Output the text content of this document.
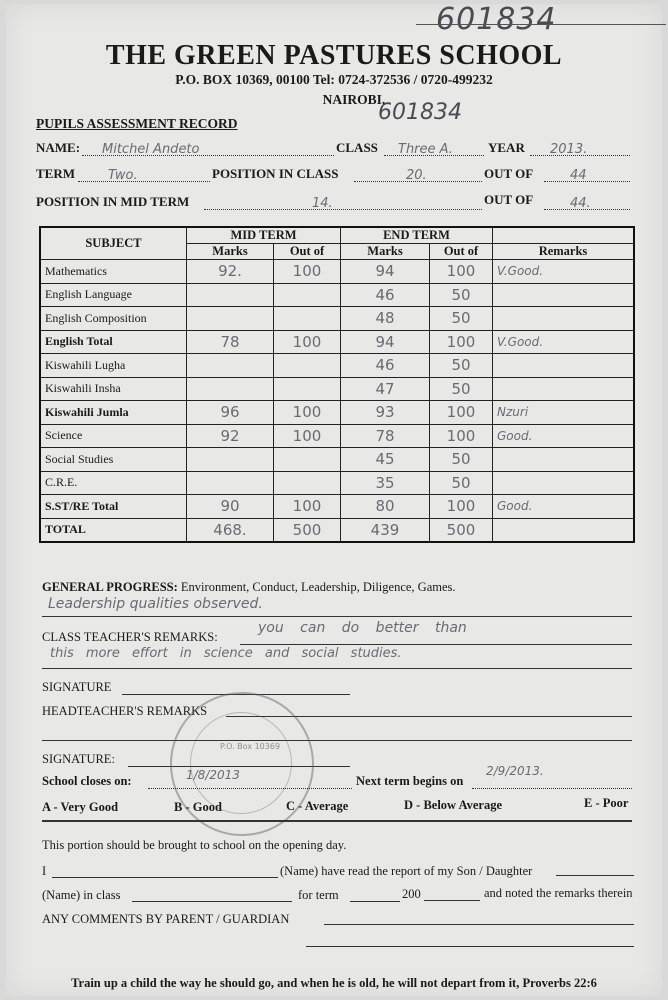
601834
THE GREEN PASTURES SCHOOL
P.O. BOX 10369, 00100 Tel: 0724-372536 / 0720-499232
NAIROBI.
601834
PUPILS ASSESSMENT RECORD
NAME:	Mitchel Andeto	CLASS	Three A.	YEAR	2013.
TERM	Two.	POSITION IN CLASS	20.	OUT OF	44
POSITION IN MID TERM	14.	OUT OF	44.
SUBJECT	MID TERM		END TERM		
	Marks	Out of	Marks	Out of	Remarks
Mathematics	92.	100	94	100	V.Good.
English Language			46	50	
English Composition			48	50	
English Total	78	100	94	100	V.Good.
Kiswahili Lugha			46	50	
Kiswahili Insha			47	50	
Kiswahili Jumla	96	100	93	100	Nzuri
Science	92	100	78	100	Good.
Social Studies			45	50	
C.R.E.			35	50	
S.ST/RE Total	90	100	80	100	Good.
TOTAL	468.	500	439	500	
GENERAL PROGRESS: Environment, Conduct, Leadership, Diligence, Games.
Leadership qualities observed.
CLASS TEACHER'S REMARKS:
you can do better than
this more effort in science and social studies.
SIGNATURE
HEADTEACHER'S REMARKS
SIGNATURE:
P.O. Box 10369
School closes on:	1/8/2013	Next term begins on
2/9/2013.
A - Very Good	B - Good	C - Average	D - Below Average	E - Poor
This portion should be brought to school on the opening day.
I	(Name) have read the report of my Son / Daughter
(Name) in class	for term	200	and noted the remarks therein
ANY COMMENTS BY PARENT / GUARDIAN
Train up a child the way he should go, and when he is old, he will not depart from it, Proverbs 22:6
